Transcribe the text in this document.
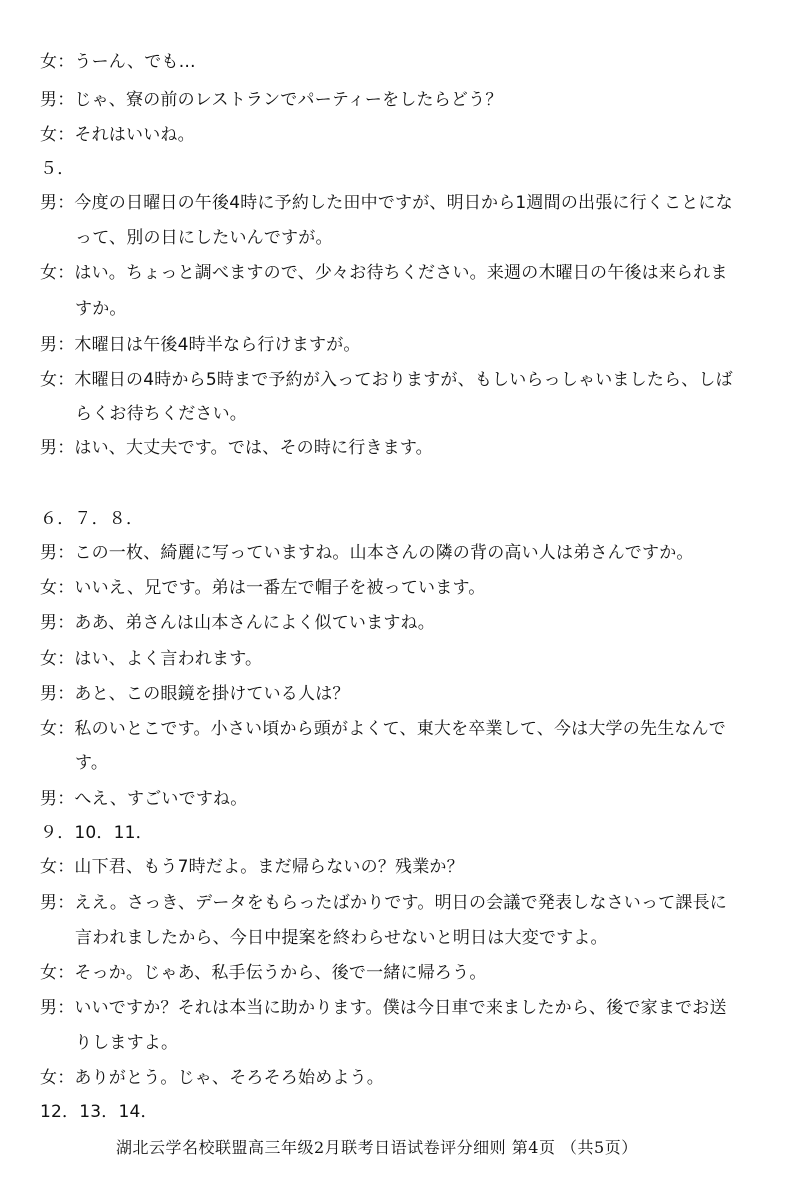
女：うーん、でも…
男：じゃ、寮の前のレストランでパーティーをしたらどう？
女：それはいいね。
５．
男：今度の日曜日の午後4時に予約した田中ですが、明日から1週間の出張に行くことにな
って、別の日にしたいんですが。
女：はい。ちょっと調べますので、少々お待ちください。来週の木曜日の午後は来られま
すか。
男：木曜日は午後4時半なら行けますが。
女：木曜日の4時から5時まで予約が入っておりますが、もしいらっしゃいましたら、しば
らくお待ちください。
男：はい、大丈夫です。では、その時に行きます。
６．７．８．
男：この一枚、綺麗に写っていますね。山本さんの隣の背の高い人は弟さんですか。
女：いいえ、兄です。弟は一番左で帽子を被っています。
男：ああ、弟さんは山本さんによく似ていますね。
女：はい、よく言われます。
男：あと、この眼鏡を掛けている人は？
女：私のいとこです。小さい頃から頭がよくて、東大を卒業して、今は大学の先生なんで
す。
男：へえ、すごいですね。
９．10．11．
女：山下君、もう7時だよ。まだ帰らないの？残業か？
男：ええ。さっき、データをもらったばかりです。明日の会議で発表しなさいって課長に
言われましたから、今日中提案を終わらせないと明日は大変ですよ。
女：そっか。じゃあ、私手伝うから、後で一緒に帰ろう。
男：いいですか？それは本当に助かります。僕は今日車で来ましたから、後で家までお送
りしますよ。
女：ありがとう。じゃ、そろそろ始めよう。
12．13．14．
湖北云学名校联盟高三年级2月联考日语试卷评分细则 第4页 （共5页）
